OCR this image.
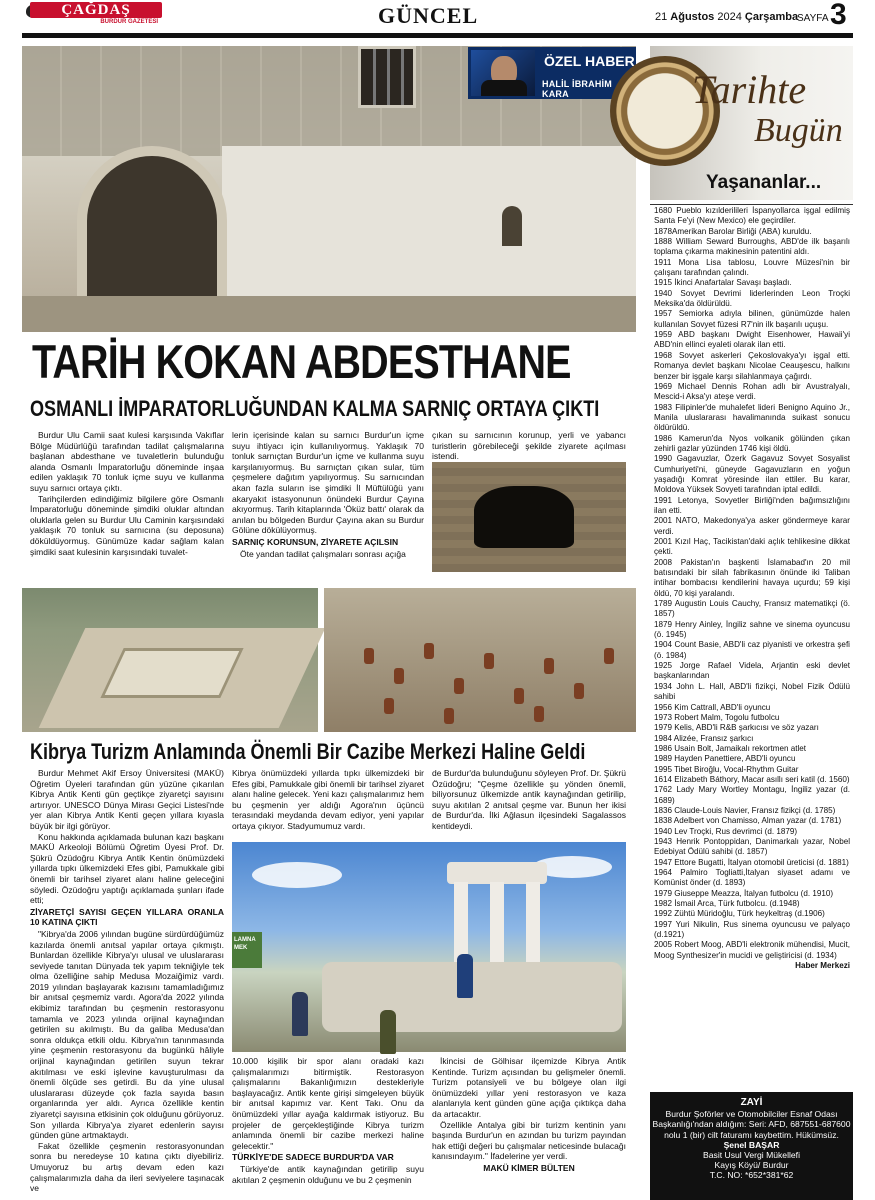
ÇAĞDAŞ
BURDUR GAZETESİ	GÜNCEL	21 Ağustos 2024 Çarşamba
SAYFA 3
ÖZEL HABER
HALİL İBRAHİM KARA
TARİH KOKAN ABDESTHANE
OSMANLI İMPARATORLUĞUNDAN KALMA SARNIÇ ORTAYA ÇIKTI

Burdur Ulu Camii saat kulesi karşısında Vakıflar Bölge Müdürlüğü tarafından tadilat çalışmalarına başlanan abdesthane ve tuvaletlerin bulunduğu alanda Osmanlı İmparatorluğu döneminde inşaa edilen yaklaşık 70 tonluk içme suyu ve kullanma suyu sarnıcı ortaya çıktı.

Tarihçilerden edindiğimiz bilgilere göre Osmanlı İmparatorluğu döneminde şimdiki oluklar altından oluklarla gelen su Burdur Ulu Caminin karşısındaki yaklaşık 70 tonluk su sarnıcına (su deposuna) döküldüyormuş. Günümüze kadar sağlam kalan şimdiki saat kulesinin karşısındaki tuvalet-

lerin içerisinde kalan su sarnıcı Burdur'un içme suyu ihtiyacı için kullanılıyormuş. Yaklaşık 70 tonluk sarnıçtan Burdur'un içme ve kullanma suyu karşılanıyormuş. Bu sarnıçtan çıkan sular, tüm çeşmelere dağıtım yapılıyormuş. Su sarnıcından akan fazla suların ise şimdiki İl Müftülüğü yanı akaryakıt istasyonunun önündeki Burdur Çayına akıyormuş. Tarih kitaplarında 'Öküz battı' olarak da anılan bu bölgeden Burdur Çayına akan su Burdur Gölüne dökülüyormuş.

SARNIÇ KORUNSUN, ZİYARETE AÇILSIN

Öte yandan tadilat çalışmaları sonrası açığa

çıkan su sarnıcının korunup, yerli ve yabancı turistlerin görebileceği şekilde ziyarete açılması istendi.

Tarihte
Bugün
Yaşananlar...
1680 Pueblo kızılderilileri İspanyollarca işgal edilmiş Santa Fe'yi (New Mexico) ele geçirdiler.
1878Amerikan Barolar Birliği (ABA) kuruldu.
1888 William Seward Burroughs, ABD'de ilk başarılı toplama çıkarma makinesinin patentini aldı.
1911 Mona Lisa tablosu, Louvre Müzesi'nin bir çalışanı tarafından çalındı.
1915 İkinci Anafartalar Savaşı başladı.
1940 Sovyet Devrimi liderlerinden Leon Troçki Meksika'da öldürüldü.
1957 Semiorka adıyla bilinen, günümüzde halen kullanılan Sovyet füzesi R7'nin ilk başarılı uçuşu.
1959 ABD başkanı Dwight Eisenhower, Hawaii'yi ABD'nin ellinci eyaleti olarak ilan etti.
1968 Sovyet askerleri Çekoslovakya'yı işgal etti. Romanya devlet başkanı Nicolae Ceauşescu, halkını benzer bir işgale karşı silahlanmaya çağırdı.
1969 Michael Dennis Rohan adlı bir Avustralyalı, Mescid-i Aksa'yı ateşe verdi.
1983 Filipinler'de muhalefet lideri Benigno Aquino Jr., Manila uluslararası havalimanında suikast sonucu öldürüldü.
1986 Kamerun'da Nyos volkanik gölünden çıkan zehirli gazlar yüzünden 1746 kişi öldü.
1990 Gagavuzlar, Özerk Gagavuz Sovyet Sosyalist Cumhuriyeti'ni, güneyde Gagavuzların en yoğun yaşadığı Komrat yöresinde ilan ettiler. Bu karar, Moldova Yüksek Sovyeti tarafından iptal edildi.
1991 Letonya, Sovyetler Birliği'nden bağımsızlığını ilan etti.
2001 NATO, Makedonya'ya asker göndermeye karar verdi.
2001 Kızıl Haç, Tacikistan'daki açlık tehlikesine dikkat çekti.
2008 Pakistan'ın başkenti İslamabad'ın 20 mil batısındaki bir silah fabrikasının önünde iki Taliban intihar bombacısı kendilerini havaya uçurdu; 59 kişi öldü, 70 kişi yaralandı.
1789 Augustin Louis Cauchy, Fransız matematikçi (ö. 1857)
1879 Henry Ainley, İngiliz sahne ve sinema oyuncusu (ö. 1945)
1904 Count Basie, ABD'li caz piyanisti ve orkestra şefi (ö. 1984)
1925 Jorge Rafael Videla, Arjantin eski devlet başkanlarından
1934 John L. Hall, ABD'li fizikçi, Nobel Fizik Ödülü sahibi
1956 Kim Cattrall, ABD'li oyuncu
1973 Robert Malm, Togolu futbolcu
1979 Kelis, ABD'li R&B şarkıcısı ve söz yazarı
1984 Alizée, Fransız şarkıcı
1986 Usain Bolt, Jamaikalı rekortmen atlet
1989 Hayden Panettiere, ABD'li oyuncu
1995 Tibet Biroğlu, Vocal-Rhythm Guitar
1614 Elizabeth Báthory, Macar asıllı seri katil (d. 1560)
1762 Lady Mary Wortley Montagu, İngiliz yazar (d. 1689)
1836 Claude-Louis Navier, Fransız fizikçi (d. 1785)
1838 Adelbert von Chamisso, Alman yazar (d. 1781)
1940 Lev Troçki, Rus devrimci (d. 1879)
1943 Henrik Pontoppidan, Danimarkalı yazar, Nobel Edebiyat Ödülü sahibi (d. 1857)
1947 Ettore Bugatti, İtalyan otomobil üreticisi (d. 1881)
1964 Palmiro Togliatti,İtalyan siyaset adamı ve Komünist önder (d. 1893)
1979 Giuseppe Meazza, İtalyan futbolcu (d. 1910)
1982 İsmail Arca, Türk futbolcu. (d.1948)
1992 Zühtü Müridoğlu, Türk heykeltraş (d.1906)
1997 Yuri Nikulin, Rus sinema oyuncusu ve palyaço (d.1921)
2005 Robert Moog, ABD'li elektronik mühendisi, Mucit, Moog Synthesizer'in mucidi ve geliştiricisi (d. 1934)
Haber Merkezi
ZAYİ
Burdur Şoförler ve Otomobilciler Esnaf Odası Başkanlığı'ndan aldığım: Seri: AFD, 687551-687600 nolu 1 (bir) cilt faturamı kaybettim. Hükümsüz.
Şenel BAŞAR
Basit Usul Vergi Mükellefi
Kayış Köyü/ Burdur
T.C. NO: *652*381*62
Kibrya Turizm Anlamında Önemli Bir Cazibe Merkezi Haline Geldi

Burdur Mehmet Akif Ersoy Üniversitesi (MAKÜ) Öğretim Üyeleri tarafından gün yüzüne çıkarılan Kibrya Antik Kenti gün geçtikçe ziyaretçi sayısını artırıyor. UNESCO Dünya Mirası Geçici Listesi'nde yer alan Kibrya Antik Kenti geçen yıllara kıyasla büyük bir ilgi görüyor.

Konu hakkında açıklamada bulunan kazı başkanı MAKÜ Arkeoloji Bölümü Öğretim Üyesi Prof. Dr. Şükrü Özüdoğru Kibrya Antik Kentin önümüzdeki yıllarda tıpkı ülkemizdeki Efes gibi, Pamukkale gibi önemli bir tarihsel ziyaret alanı haline geleceğini söyledi. Özüdoğru yaptığı açıklamada şunları ifade etti;

ZİYARETÇİ SAYISI GEÇEN YILLARA ORANLA 10 KATINA ÇIKTI

"Kibrya'da 2006 yılından bugüne sürdürdüğümüz kazılarda önemli anıtsal yapılar ortaya çıkmıştı. Bunlardan özellikle Kibrya'yı ulusal ve uluslararası seviyede tanıtan Dünyada tek yapım tekniğiyle tek olma özelliğine sahip Medusa Mozaiğimiz vardı. 2019 yılından başlayarak kazısını tamamladığımız bir anıtsal çeşmemiz vardı. Agora'da 2022 yılında ekibimiz tarafından bu çeşmenin restorasyonu tamamla ve 2023 yılında orijinal kaynağından getirilen su akılmıştı. Bu da galiba Medusa'dan sonra oldukça etkili oldu. Kibrya'nın tanınmasında yine çeşmenin restorasyonu da bugünkü hâliyle orijinal kaynağından getirilen suyun tekrar akıtılması ve eski işlevine kavuşturulması da önemli ölçüde ses getirdi. Bu da yine ulusal uluslararası düzeyde çok fazla sayıda basın organlarında yer aldı. Ayrıca özellikle kentin ziyaretçi sayısına etkisinin çok olduğunu görüyoruz. Son yıllarda Kibrya'ya ziyaret edenlerin sayısı günden güne artmaktaydı.

Fakat özellikle çeşmenin restorasyonundan sonra bu neredeyse 10 katına çıktı diyebiliriz. Umuyoruz bu artış devam eden kazı çalışmalarımızla daha da ileri seviyelere taşınacak ve

Kibrya önümüzdeki yıllarda tıpkı ülkemizdeki bir Efes gibi, Pamukkale gibi önemli bir tarihsel ziyaret alanı haline gelecek. Yeni kazı çalışmalarımız hem bu çeşmenin yer aldığı Agora'nın üçüncü terasındaki meydanda devam ediyor, yeni yapılar ortaya çıkıyor. Stadyumumuz vardı.

de Burdur'da bulunduğunu söyleyen Prof. Dr. Şükrü Özüdoğru; "Çeşme özellikle şu yönden önemli, biliyorsunuz ülkemizde antik kaynağından getirilip, suyu akıtılan 2 anıtsal çeşme var. Bunun her ikisi de Burdur'da. İlki Ağlasun ilçesindeki Sagalassos kentideydi.

LAMNA MEK

10.000 kişilik bir spor alanı oradaki kazı çalışmalarımızı bitirmiştik. Restorasyon çalışmalarını Bakanlığımızın destekleriyle başlayacağız. Antik kente girişi simgeleyen büyük bir anıtsal kapımız var. Kent Takı. Onu da önümüzdeki yıllar ayağa kaldırmak istiyoruz. Bu projeler de gerçekleştiğinde Kibrya turizm anlamında önemli bir cazibe merkezi haline gelecektir."

TÜRKİYE'DE SADECE BURDUR'DA VAR

Türkiye'de antik kaynağından getirilip suyu akıtılan 2 çeşmenin olduğunu ve bu 2 çeşmenin

İkincisi de Gölhisar ilçemizde Kibrya Antik Kentinde. Turizm açısından bu gelişmeler önemli. Turizm potansiyeli ve bu bölgeye olan ilgi önümüzdeki yıllar yeni restorasyon ve kaza alanlarıyla kent günden güne açığa çıktıkça daha da artacaktır.

Özellikle Antalya gibi bir turizm kentinin yanı başında Burdur'un en azından bu turizm payından hak ettiği değeri bu çalışmalar neticesinde bulacağı kanısındayım." İfadelerine yer verdi.

MAKÜ KİMER BÜLTEN
